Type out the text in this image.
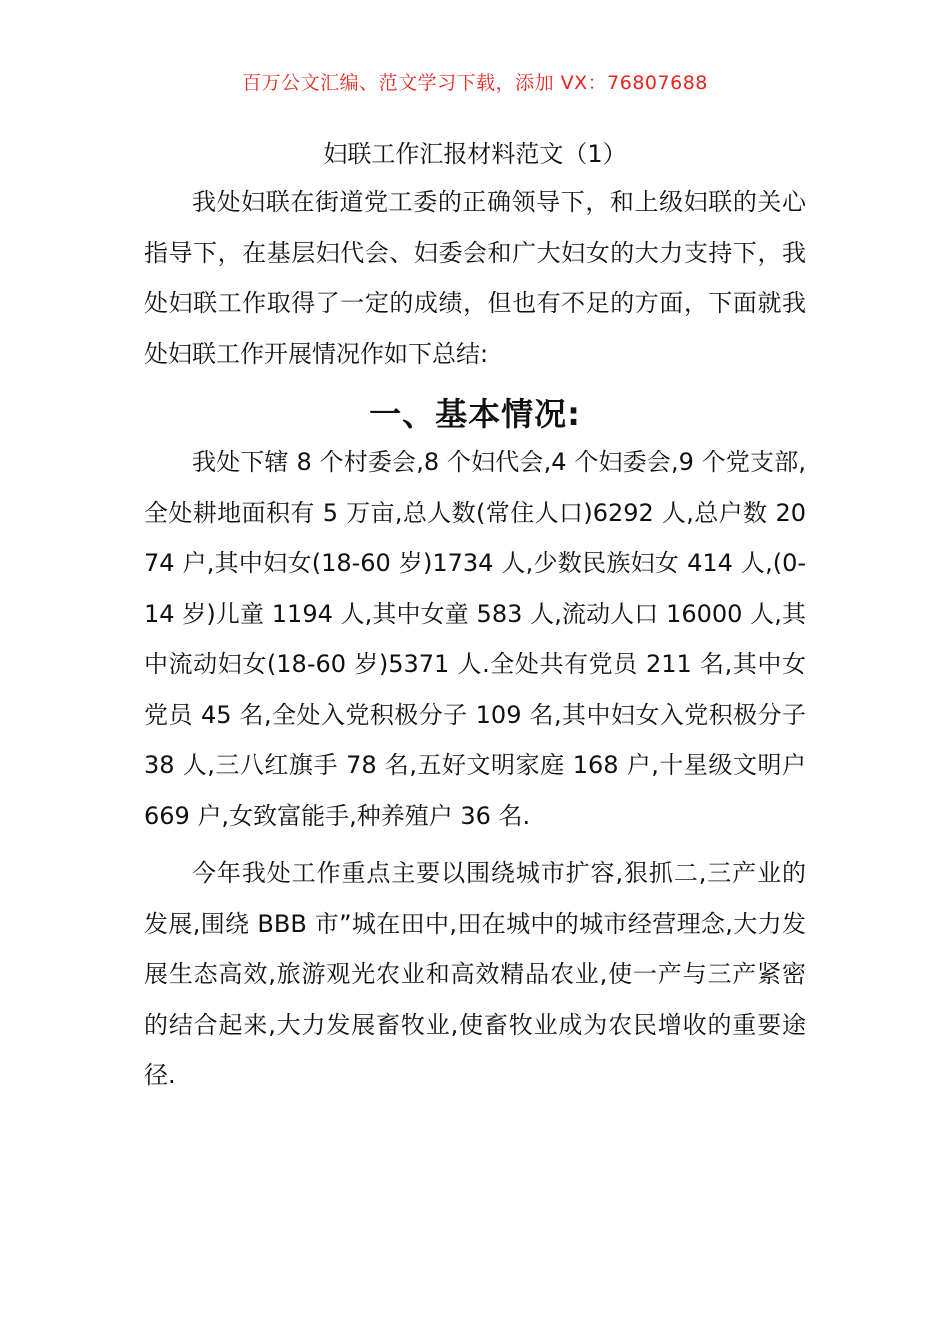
百万公文汇编、范文学习下载，添加 VX：76807688
妇联工作汇报材料范文（1）

我处妇联在街道党工委的正确领导下，和上级妇联的关心指导下，在基层妇代会、妇委会和广大妇女的大力支持下，我处妇联工作取得了一定的成绩，但也有不足的方面，下面就我处妇联工作开展情况作如下总结:

一、基本情况:

我处下辖 8 个村委会,8 个妇代会,4 个妇委会,9 个党支部,全处耕地面积有 5 万亩,总人数(常住人口)6292 人,总户数 2074 户,其中妇女(18-60 岁)1734 人,少数民族妇女 414 人,(0-14 岁)儿童 1194 人,其中女童 583 人,流动人口 16000 人,其中流动妇女(18-60 岁)5371 人.全处共有党员 211 名,其中女党员 45 名,全处入党积极分子 109 名,其中妇女入党积极分子 38 人,三八红旗手 78 名,五好文明家庭 168 户,十星级文明户 669 户,女致富能手,种养殖户 36 名.

今年我处工作重点主要以围绕城市扩容,狠抓二,三产业的发展,围绕 BBB 市”城在田中,田在城中的城市经营理念,大力发展生态高效,旅游观光农业和高效精品农业,使一产与三产紧密的结合起来,大力发展畜牧业,使畜牧业成为农民增收的重要途径.
